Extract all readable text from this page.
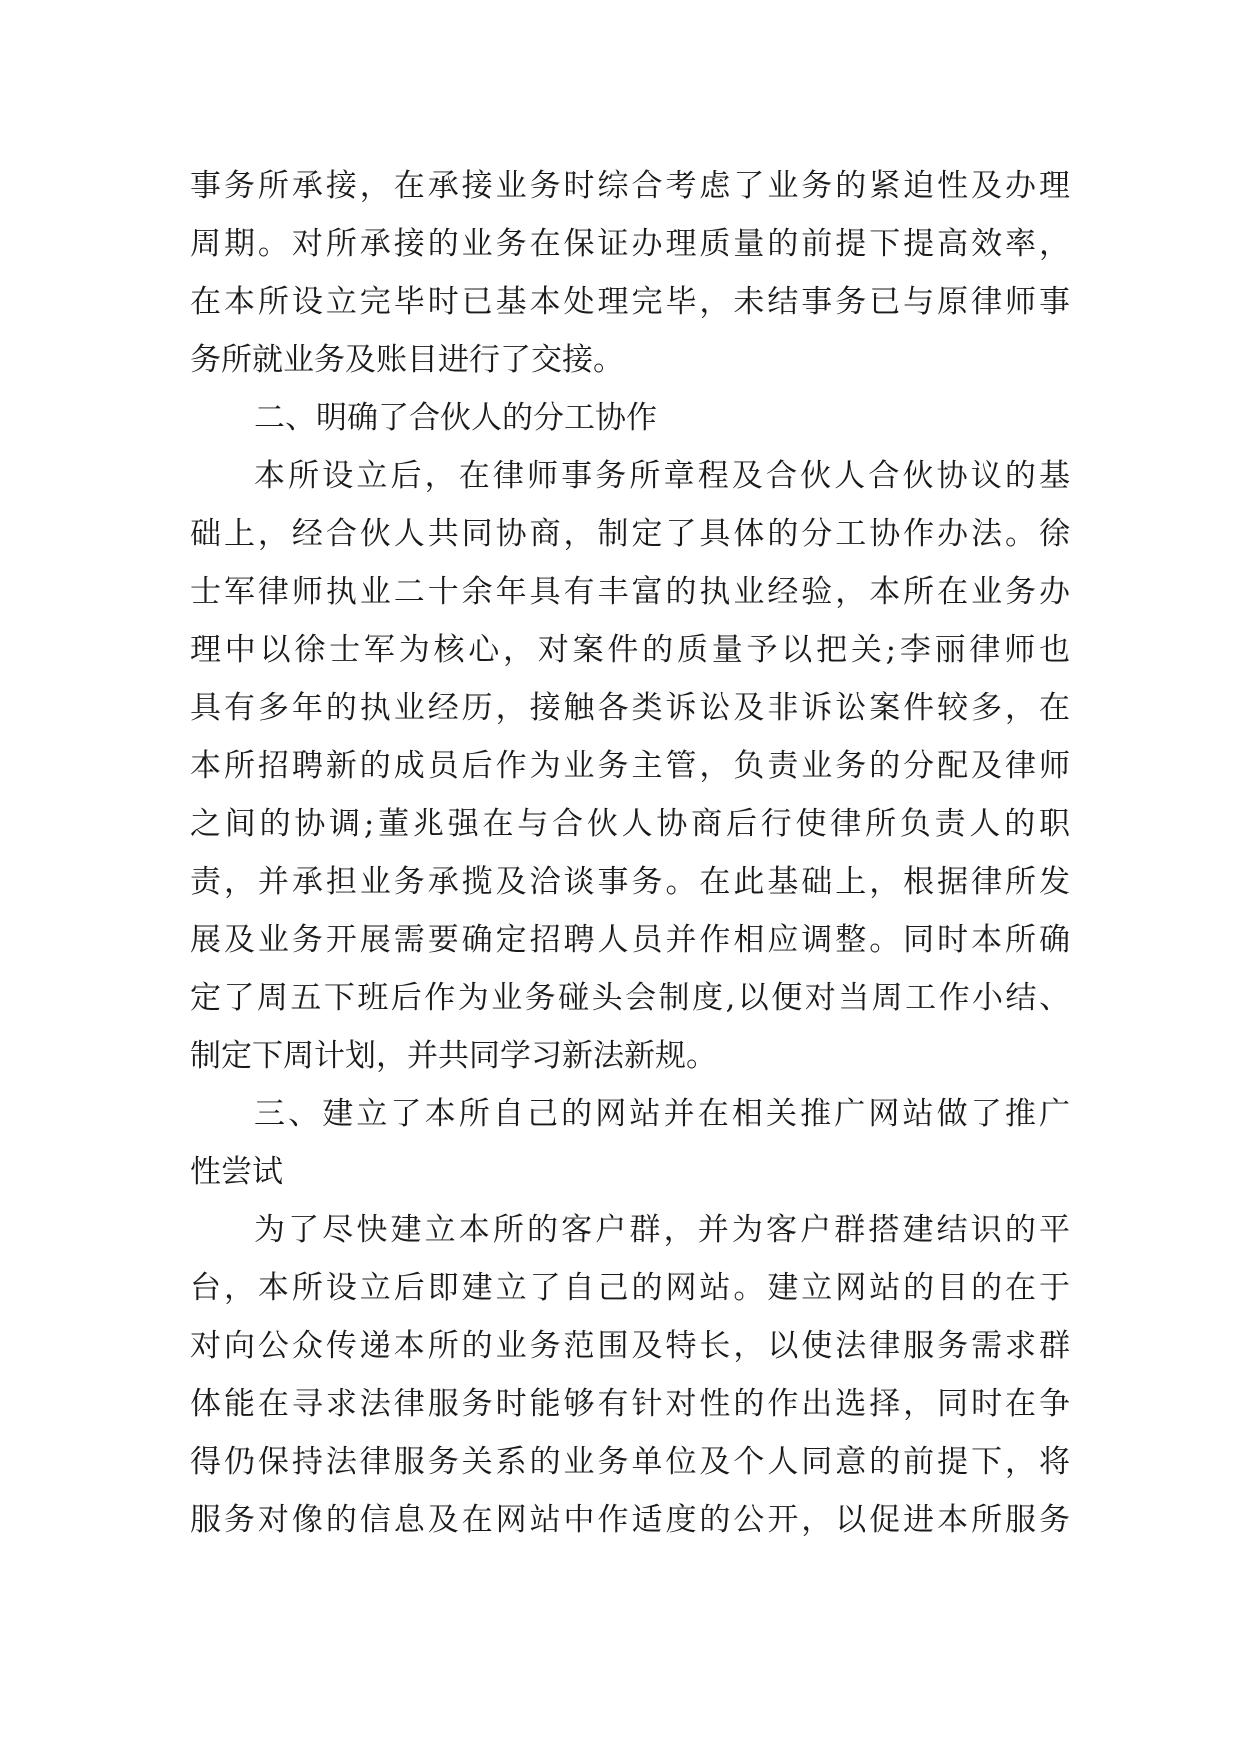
事务所承接，在承接业务时综合考虑了业务的紧迫性及办理
周期。对所承接的业务在保证办理质量的前提下提高效率，
在本所设立完毕时已基本处理完毕，未结事务已与原律师事
务所就业务及账目进行了交接。
二、明确了合伙人的分工协作
本所设立后，在律师事务所章程及合伙人合伙协议的基
础上，经合伙人共同协商，制定了具体的分工协作办法。徐
士军律师执业二十余年具有丰富的执业经验，本所在业务办
理中以徐士军为核心，对案件的质量予以把关;李丽律师也
具有多年的执业经历，接触各类诉讼及非诉讼案件较多，在
本所招聘新的成员后作为业务主管，负责业务的分配及律师
之间的协调;董兆强在与合伙人协商后行使律所负责人的职
责，并承担业务承揽及洽谈事务。在此基础上，根据律所发
展及业务开展需要确定招聘人员并作相应调整。同时本所确
定了周五下班后作为业务碰头会制度,以便对当周工作小结、
制定下周计划，并共同学习新法新规。
三、建立了本所自己的网站并在相关推广网站做了推广
性尝试
为了尽快建立本所的客户群，并为客户群搭建结识的平
台，本所设立后即建立了自己的网站。建立网站的目的在于
对向公众传递本所的业务范围及特长，以使法律服务需求群
体能在寻求法律服务时能够有针对性的作出选择，同时在争
得仍保持法律服务关系的业务单位及个人同意的前提下，将
服务对像的信息及在网站中作适度的公开，以促进本所服务
